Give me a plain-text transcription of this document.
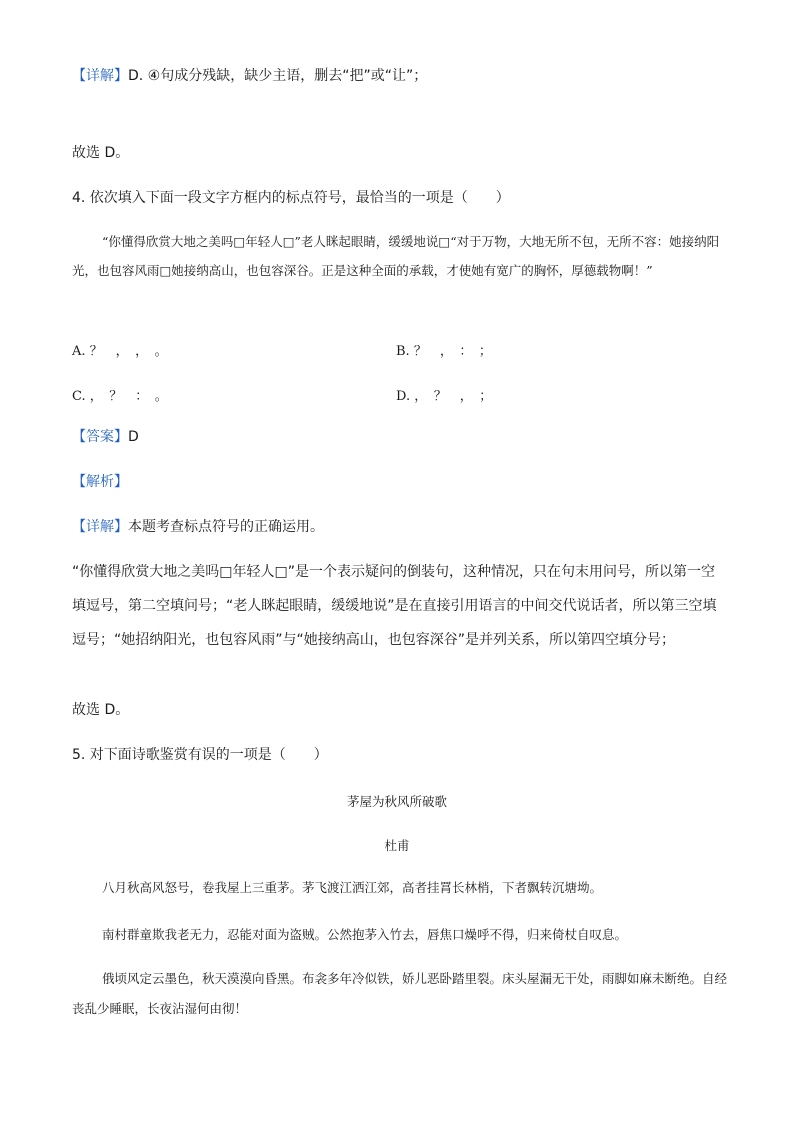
【详解】D. ④句成分残缺，缺少主语，删去“把”或“让”；
故选 D。
4. 依次填入下面一段文字方框内的标点符号，最恰当的一项是（　　）
“你懂得欣赏大地之美吗□年轻人□”老人眯起眼睛，缓缓地说□“对于万物，大地无所不包，无所不容：她接纳阳光，也包容风雨□她接纳高山，也包容深谷。正是这种全面的承载，才使她有宽广的胸怀，厚德载物啊！”
A. ？　，　，　。	B. ？　，　：　；
C. ，　？　：　。	D. ，　？　，　；
【答案】D
【解析】
【详解】本题考查标点符号的正确运用。
“你懂得欣赏大地之美吗□年轻人□”是一个表示疑问的倒装句，这种情况，只在句末用问号，所以第一空填逗号，第二空填问号；“老人眯起眼睛，缓缓地说”是在直接引用语言的中间交代说话者，所以第三空填逗号；“她招纳阳光，也包容风雨”与“她接纳高山，也包容深谷”是并列关系，所以第四空填分号；
故选 D。
5. 对下面诗歌鉴赏有误的一项是（　　）
茅屋为秋风所破歌
杜甫
八月秋高风怒号，卷我屋上三重茅。茅飞渡江洒江郊，高者挂罥长林梢，下者飘转沉塘坳。
南村群童欺我老无力，忍能对面为盗贼。公然抱茅入竹去，唇焦口燥呼不得，归来倚杖自叹息。
俄顷风定云墨色，秋天漠漠向昏黑。布衾多年冷似铁，娇儿恶卧踏里裂。床头屋漏无干处，雨脚如麻未断绝。自经丧乱少睡眠，长夜沾湿何由彻！
